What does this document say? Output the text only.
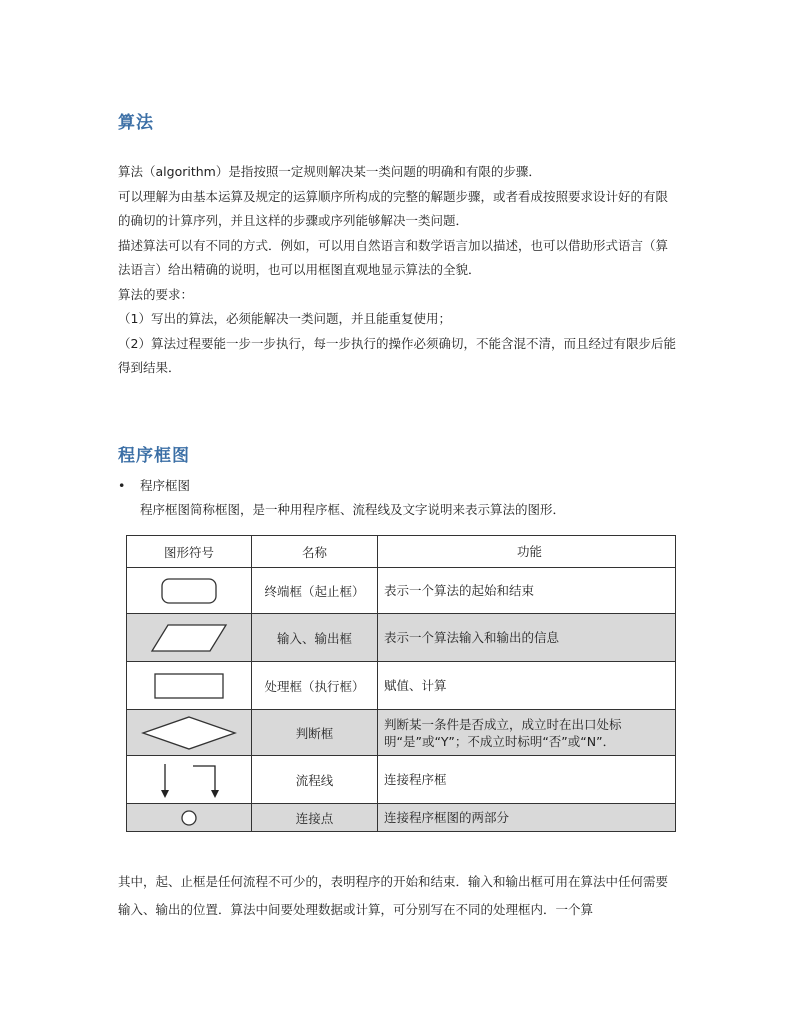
算法

算法（algorithm）是指按照一定规则解决某一类问题的明确和有限的步骤．

可以理解为由基本运算及规定的运算顺序所构成的完整的解题步骤，或者看成按照要求设计好的有限的确切的计算序列，并且这样的步骤或序列能够解决一类问题．

描述算法可以有不同的方式．例如，可以用自然语言和数学语言加以描述，也可以借助形式语言（算法语言）给出精确的说明，也可以用框图直观地显示算法的全貌．

算法的要求：

（1）写出的算法，必须能解决一类问题，并且能重复使用；

（2）算法过程要能一步一步执行，每一步执行的操作必须确切，不能含混不清，而且经过有限步后能得到结果．

程序框图
• 程序框图
程序框图简称框图，是一种用程序框、流程线及文字说明来表示算法的图形．
图形符号	名称	功能

	终端框（起止框）	表示一个算法的起始和结束

	输入、输出框	表示一个算法输入和输出的信息

	处理框（执行框）	赋值、计算

	判断框	判断某一条件是否成立，成立时在出口处标明“是”或“Y”；不成立时标明“否”或“N”．

	流程线	连接程序框

	连接点	连接程序框图的两部分

其中，起、止框是任何流程不可少的，表明程序的开始和结束．输入和输出框可用在算法中任何需要输入、输出的位置．算法中间要处理数据或计算，可分别写在不同的处理框内．一个算
